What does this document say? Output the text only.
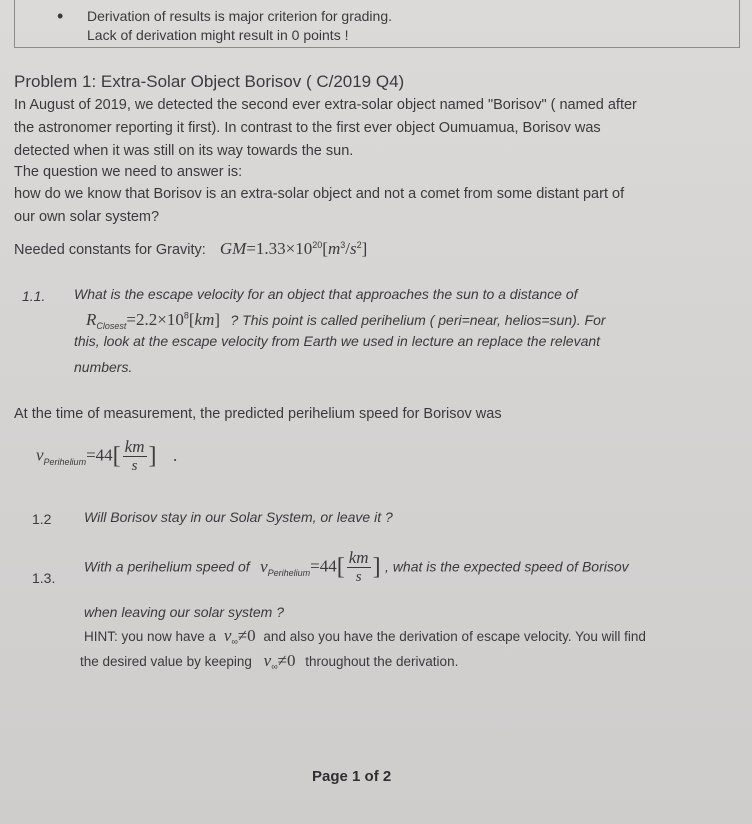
• Derivation of results is major criterion for grading.
Lack of derivation might result in 0 points !
Problem 1: Extra-Solar Object Borisov ( C/2019 Q4)
In August of 2019, we detected the second ever extra-solar object named "Borisov" ( named after
the astronomer reporting it first). In contrast to the first ever object Oumuamua, Borisov was
detected when it was still on its way towards the sun.
The question we need to answer is:
how do we know that Borisov is an extra-solar object and not a comet from some distant part of
our own solar system?
Needed constants for Gravity: $GM=1.33\times 10^{20}[m^3/s^2]$
1.1. What is the escape velocity for an object that approaches the sun to a distance of
$R_{Closest}=2.2\times 10^8[km]$ ? This point is called perihelium ( peri=near, helios=sun). For
this, look at the escape velocity from Earth we used in lecture an replace the relevant
numbers.
At the time of measurement, the predicted perihelium speed for Borisov was
$v_{Perihelium}=44[ \frac{km}{s}$ ] .
1.2 Will Borisov stay in our Solar System, or leave it ?
1.3.
With a perihelium speed of $v_{Perihelium}=44[ \frac{km}{s}$ ] , what is the expected speed of Borisov
when leaving our solar system ?
HINT: you now have a $v_\infty\ne 0$ and also you have the derivation of escape velocity. You will find
the desired value by keeping $v_\infty\ne 0$ throughout the derivation.
Page 1 of 2
